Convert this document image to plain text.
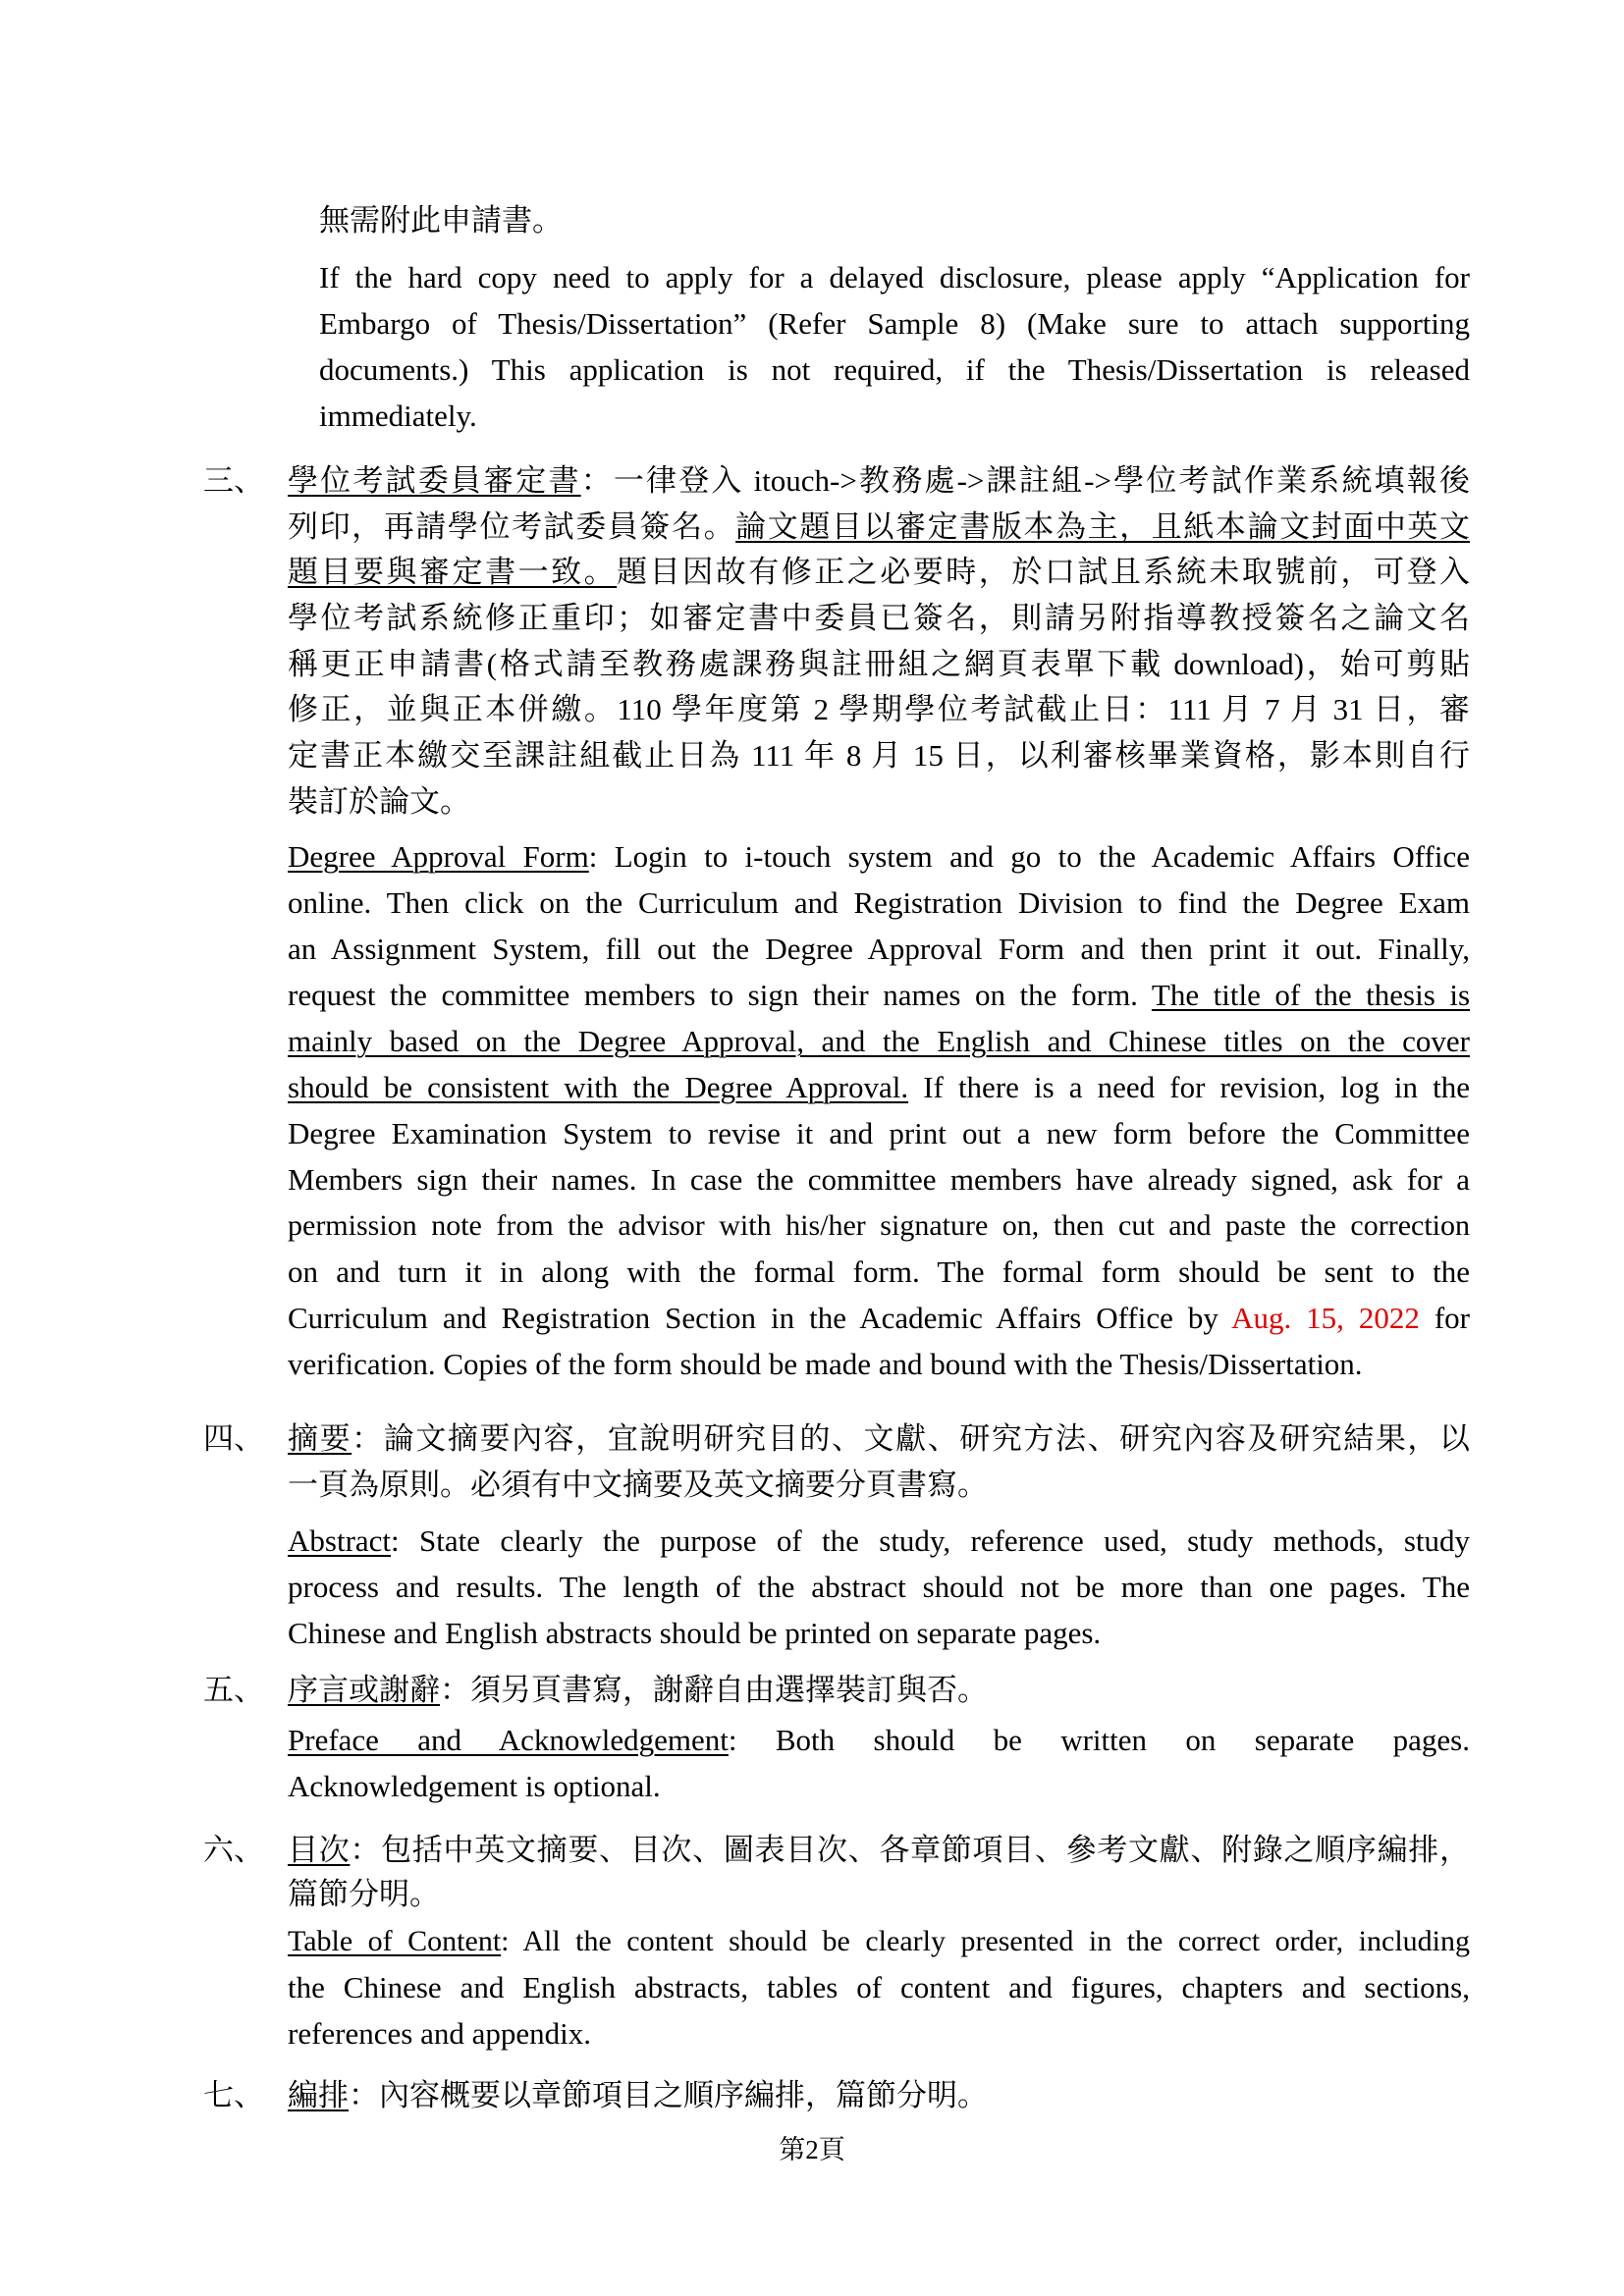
無需附此申請書。
If the hard copy need to apply for a delayed disclosure, please apply “Application for
Embargo of Thesis/Dissertation” (Refer Sample 8) (Make sure to attach supporting
documents.) This application is not required, if the Thesis/Dissertation is released
immediately.
三、 學位考試委員審定書：一律登入 itouch->教務處->課註組->學位考試作業系統填報後
列印，再請學位考試委員簽名。論文題目以審定書版本為主，且紙本論文封面中英文
題目要與審定書一致。題目因故有修正之必要時，於口試且系統未取號前，可登入
學位考試系統修正重印；如審定書中委員已簽名，則請另附指導教授簽名之論文名
稱更正申請書(格式請至教務處課務與註冊組之網頁表單下載 download)，始可剪貼
修正，並與正本併繳。110 學年度第 2 學期學位考試截止日：111 月 7 月 31 日，審
定書正本繳交至課註組截止日為 111 年 8 月 15 日，以利審核畢業資格，影本則自行
裝訂於論文。
Degree Approval Form: Login to i-touch system and go to the Academic Affairs Office
online. Then click on the Curriculum and Registration Division to find the Degree Exam
an Assignment System, fill out the Degree Approval Form and then print it out. Finally,
request the committee members to sign their names on the form. The title of the thesis is
mainly based on the Degree Approval, and the English and Chinese titles on the cover
should be consistent with the Degree Approval. If there is a need for revision, log in the
Degree Examination System to revise it and print out a new form before the Committee
Members sign their names. In case the committee members have already signed, ask for a
permission note from the advisor with his/her signature on, then cut and paste the correction
on and turn it in along with the formal form. The formal form should be sent to the
Curriculum and Registration Section in the Academic Affairs Office by Aug. 15, 2022 for
verification. Copies of the form should be made and bound with the Thesis/Dissertation.
四、 摘要：論文摘要內容，宜說明研究目的、文獻、研究方法、研究內容及研究結果，以
一頁為原則。必須有中文摘要及英文摘要分頁書寫。
Abstract: State clearly the purpose of the study, reference used, study methods, study
process and results. The length of the abstract should not be more than one pages. The
Chinese and English abstracts should be printed on separate pages.
五、 序言或謝辭：須另頁書寫，謝辭自由選擇裝訂與否。
Preface and Acknowledgement: Both should be written on separate pages.
Acknowledgement is optional.
六、 目次：包括中英文摘要、目次、圖表目次、各章節項目、參考文獻、附錄之順序編排，
篇節分明。
Table of Content: All the content should be clearly presented in the correct order, including
the Chinese and English abstracts, tables of content and figures, chapters and sections,
references and appendix.
七、 編排：內容概要以章節項目之順序編排，篇節分明。
第2頁
